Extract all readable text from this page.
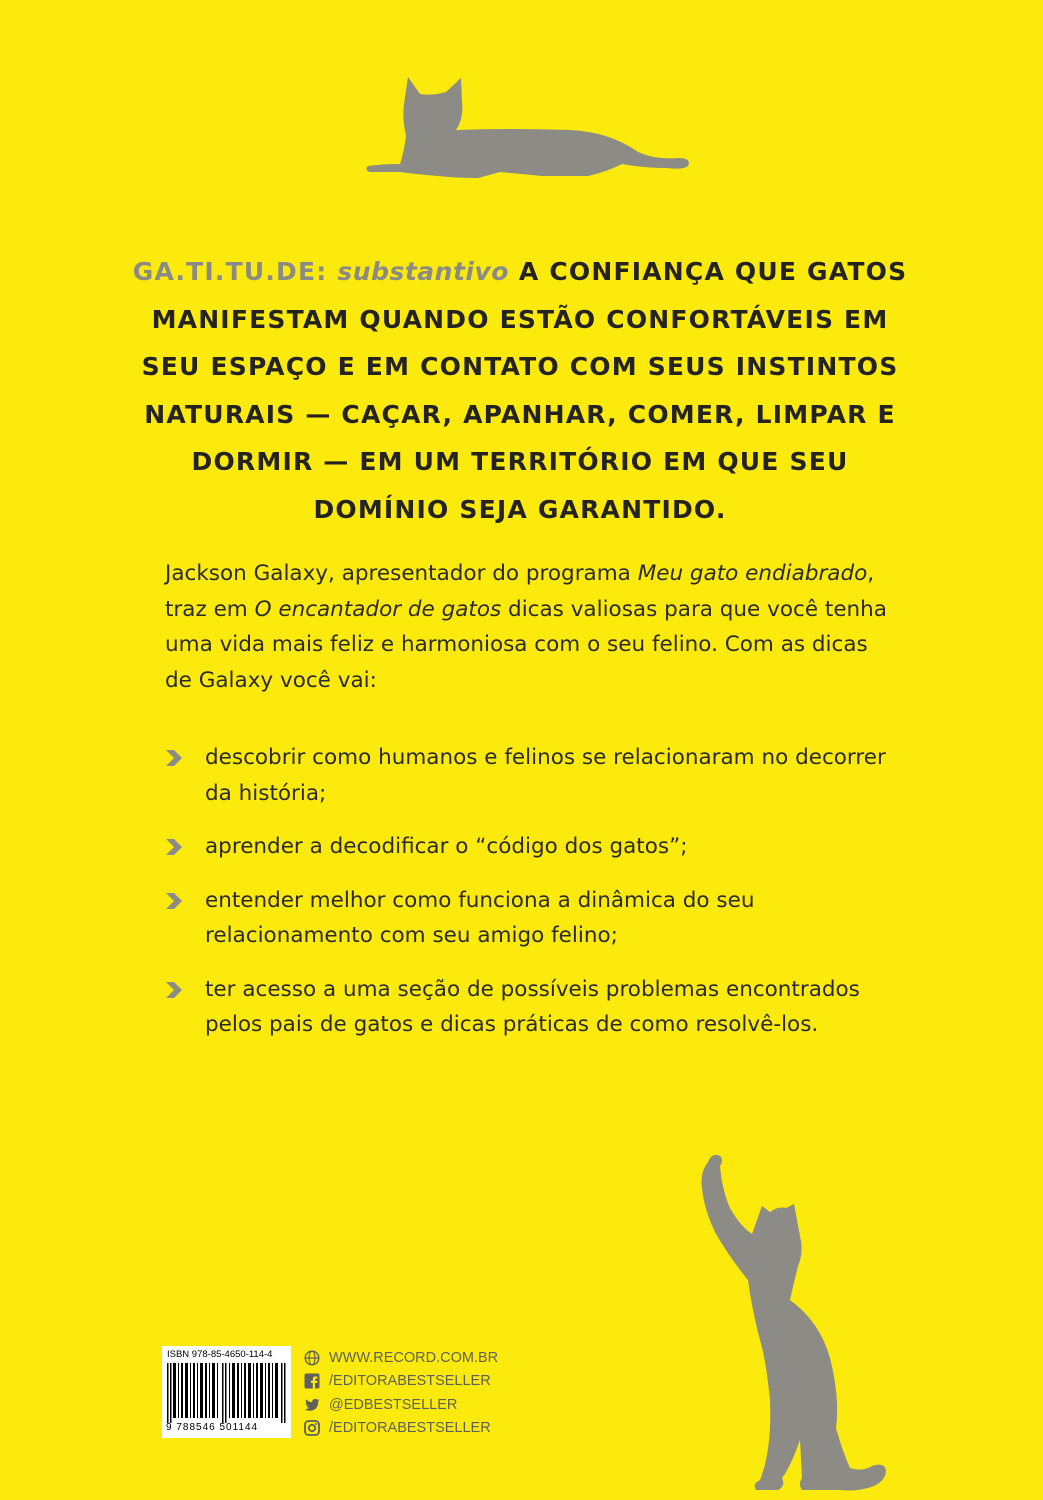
GA.TI.TU.DE: substantivo A CONFIANÇA QUE GATOS MANIFESTAM QUANDO ESTÃO CONFORTÁVEIS EM SEU ESPAÇO E EM CONTATO COM SEUS INSTINTOS NATURAIS — CAÇAR, APANHAR, COMER, LIMPAR E DORMIR — EM UM TERRITÓRIO EM QUE SEU DOMÍNIO SEJA GARANTIDO.

Jackson Galaxy, apresentador do programa Meu gato endiabrado, traz em O encantador de gatos dicas valiosas para que você tenha uma vida mais feliz e harmoniosa com o seu felino. Com as dicas de Galaxy você vai:

descobrir como humanos e felinos se relacionaram no decorrer da história;
aprender a decodificar o “código dos gatos”;
entender melhor como funciona a dinâmica do seu relacionamento com seu amigo felino;
ter acesso a uma seção de possíveis problemas encontrados pelos pais de gatos e dicas práticas de como resolvê-los.
ISBN 978-85-4650-114-4
9 788546 501144
WWW.RECORD.COM.BR
/EDITORABESTSELLER
@EDBESTSELLER
/EDITORABESTSELLER
